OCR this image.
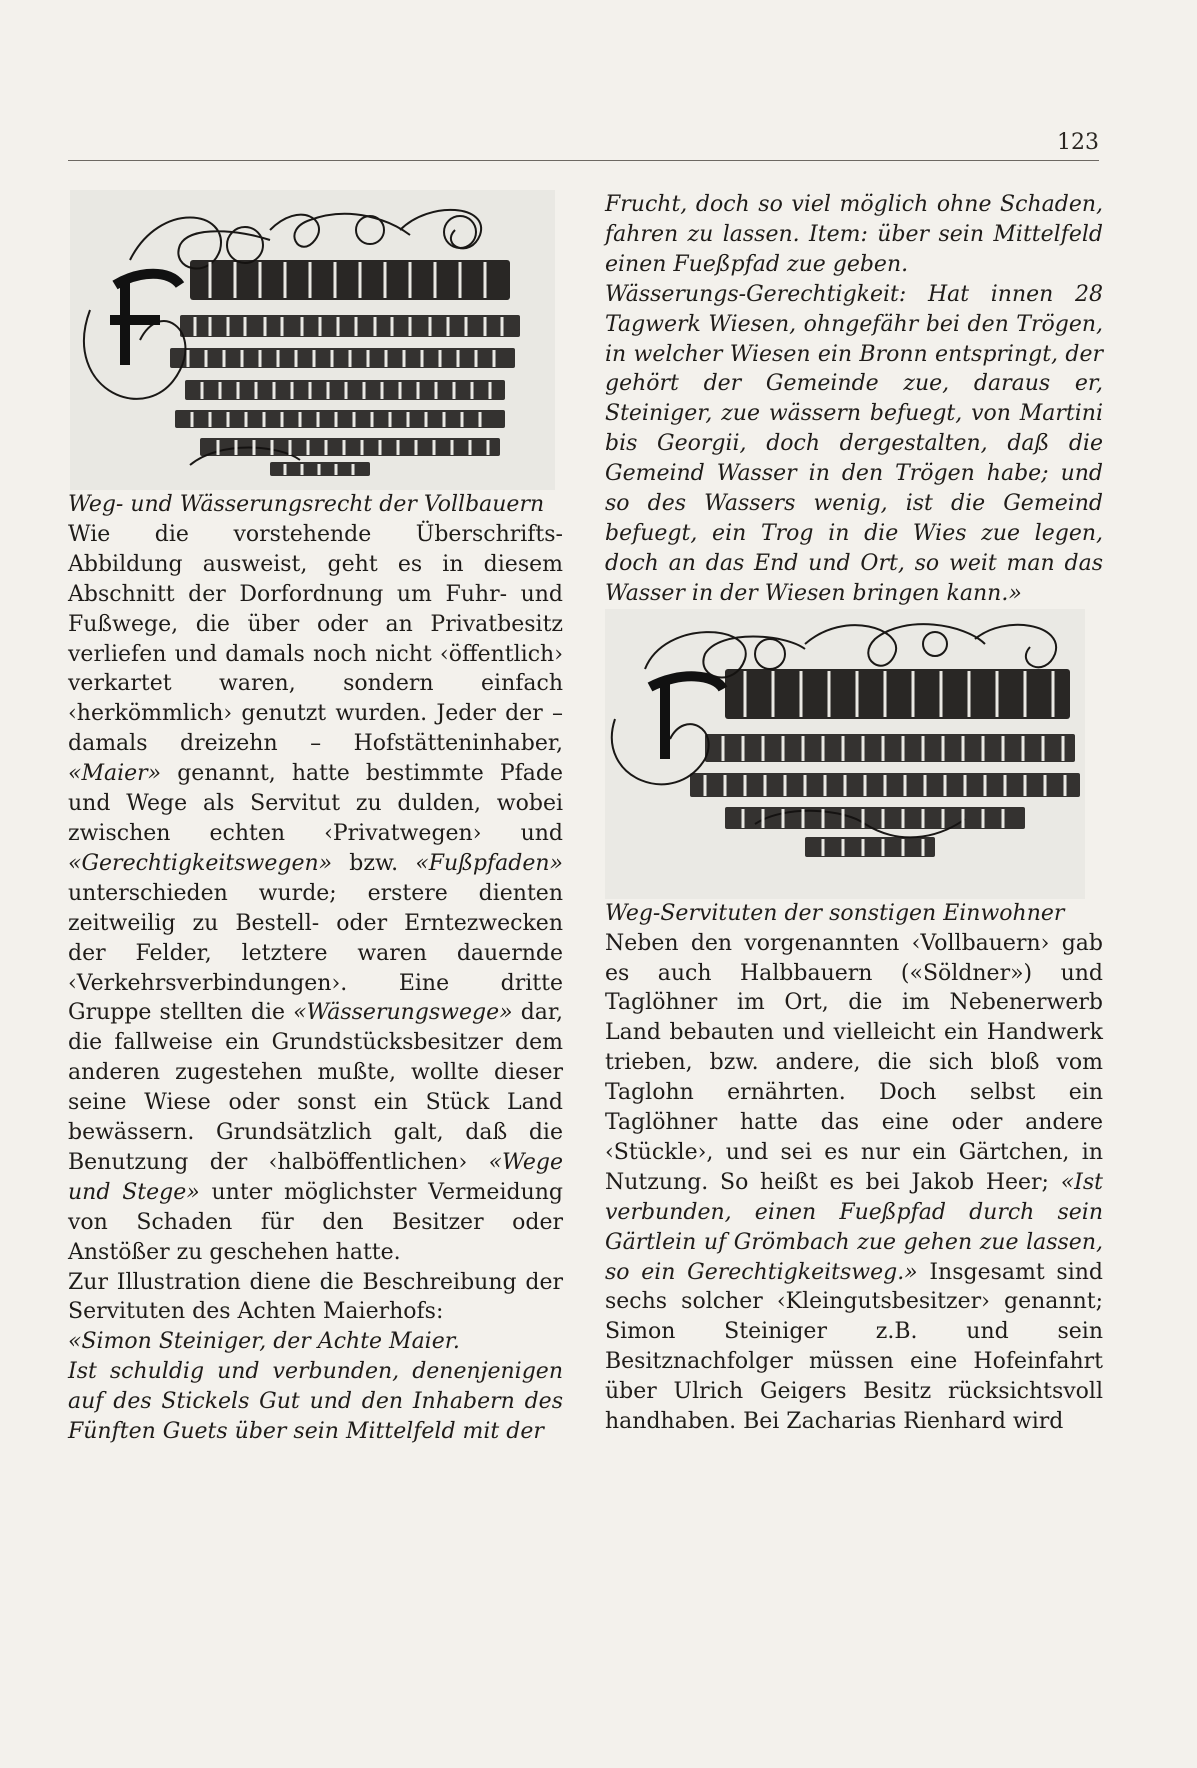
123

Weg- und Wässerungsrecht der Vollbauern

Wie die vorstehende Überschrifts-Abbildung ausweist, geht es in diesem Abschnitt der Dorfordnung um Fuhr- und Fußwege, die über oder an Privatbesitz verliefen und damals noch nicht ‹öffentlich› verkartet waren, sondern einfach ‹herkömmlich› genutzt wurden. Jeder der – damals dreizehn – Hofstätteninhaber, «Maier» genannt, hatte bestimmte Pfade und Wege als Servitut zu dulden, wobei zwischen echten ‹Privatwegen› und «Gerechtigkeitswegen» bzw. «Fußpfaden» unterschieden wurde; erstere dienten zeitweilig zu Bestell- oder Erntezwecken der Felder, letztere waren dauernde ‹Verkehrsverbindungen›. Eine dritte Gruppe stellten die «Wässerungswege» dar, die fallweise ein Grundstücksbesitzer dem anderen zugestehen mußte, wollte dieser seine Wiese oder sonst ein Stück Land bewässern. Grundsätzlich galt, daß die Benutzung der ‹halböffentlichen› «Wege und Stege» unter möglichster Vermeidung von Schaden für den Besitzer oder Anstößer zu geschehen hatte.

Zur Illustration diene die Beschreibung der Servituten des Achten Maierhofs:

«Simon Steiniger, der Achte Maier.

Ist schuldig und verbunden, denenjenigen auf des Stickels Gut und den Inhabern des Fünften Guets über sein Mittelfeld mit der

Frucht, doch so viel möglich ohne Schaden, fahren zu lassen. Item: über sein Mittelfeld einen Fueßpfad zue geben.

Wässerungs-Gerechtigkeit: Hat innen 28 Tagwerk Wiesen, ohngefähr bei den Trögen, in welcher Wiesen ein Bronn entspringt, der gehört der Gemeinde zue, daraus er, Steiniger, zue wässern befuegt, von Martini bis Georgii, doch dergestalten, daß die Gemeind Wasser in den Trögen habe; und so des Wassers wenig, ist die Gemeind befuegt, ein Trog in die Wies zue legen, doch an das End und Ort, so weit man das Wasser in der Wiesen bringen kann.»

Weg-Servituten der sonstigen Einwohner

Neben den vorgenannten ‹Vollbauern› gab es auch Halbbauern («Söldner») und Taglöhner im Ort, die im Nebenerwerb Land bebauten und vielleicht ein Handwerk trieben, bzw. andere, die sich bloß vom Taglohn ernährten. Doch selbst ein Taglöhner hatte das eine oder andere ‹Stückle›, und sei es nur ein Gärtchen, in Nutzung. So heißt es bei Jakob Heer; «Ist verbunden, einen Fueßpfad durch sein Gärtlein uf Grömbach zue gehen zue lassen, so ein Gerechtigkeitsweg.» Insgesamt sind sechs solcher ‹Kleingutsbesitzer› genannt; Simon Steiniger z.B. und sein Besitznachfolger müssen eine Hofeinfahrt über Ulrich Geigers Besitz rücksichtsvoll handhaben. Bei Zacharias Rienhard wird
